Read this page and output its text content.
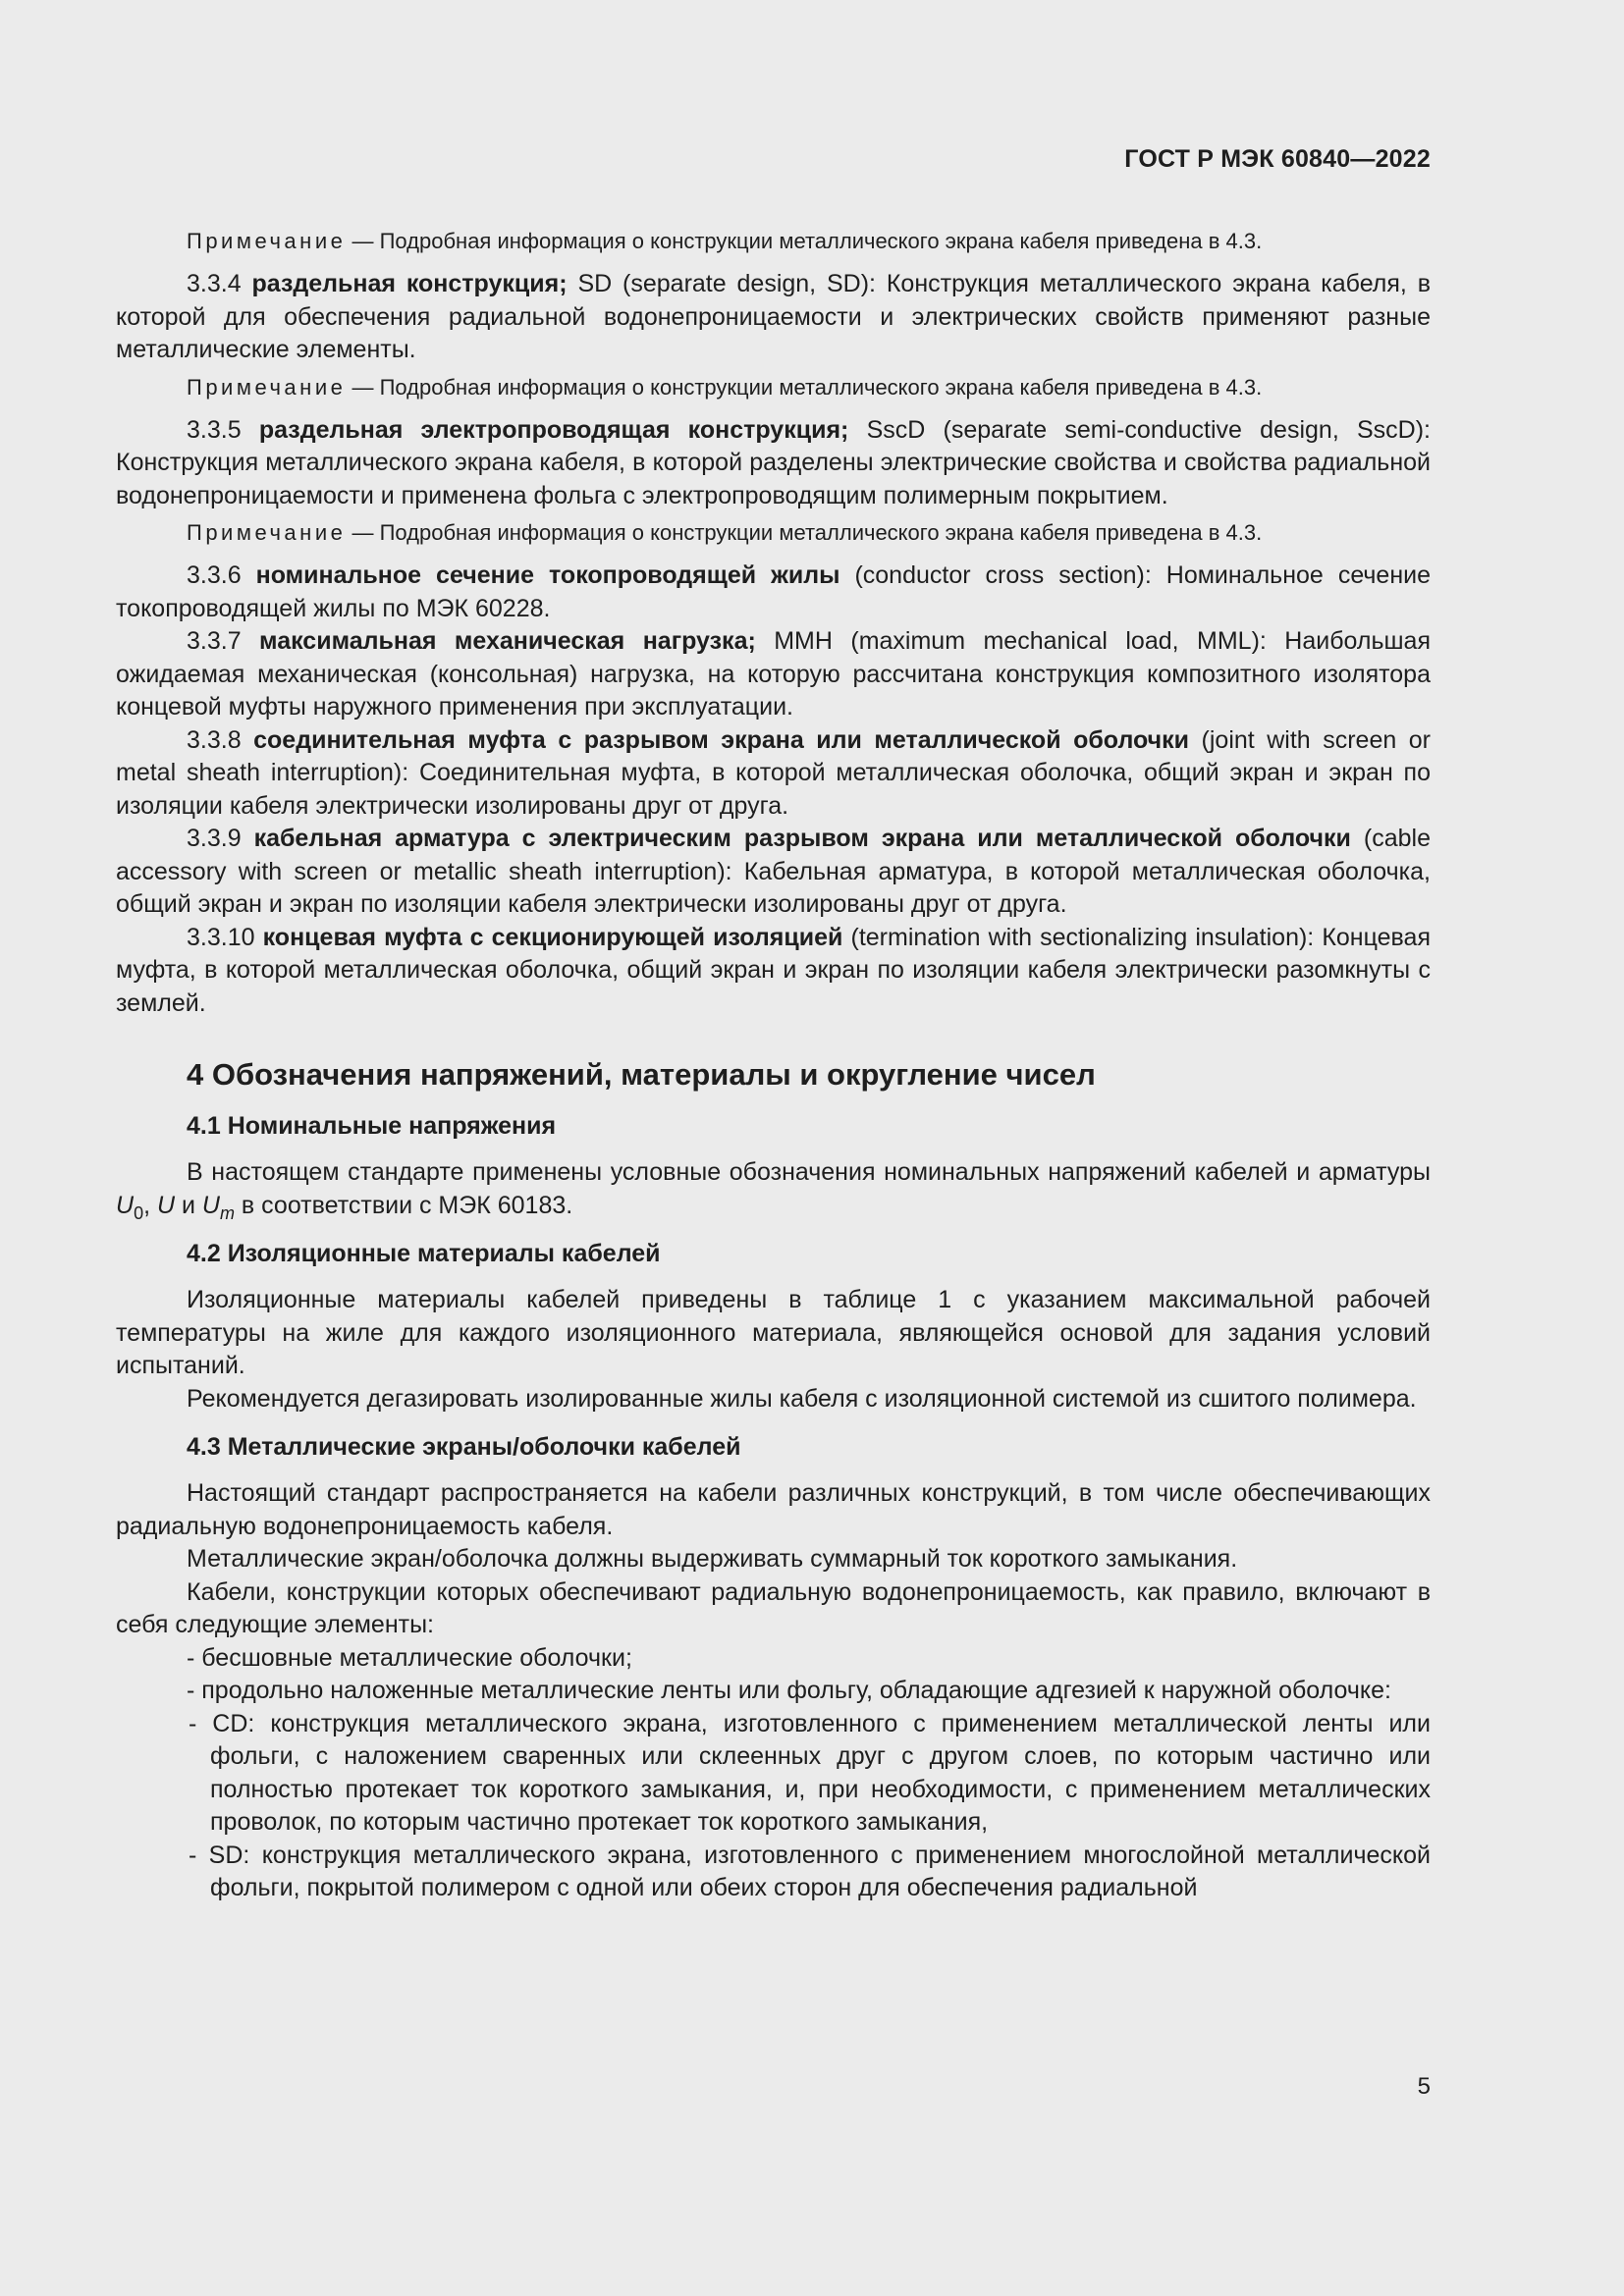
ГОСТ Р МЭК 60840—2022

Примечание — Подробная информация о конструкции металлического экрана кабеля приведена в 4.3.

3.3.4 раздельная конструкция; SD (separate design, SD): Конструкция металлического экрана кабеля, в которой для обеспечения радиальной водонепроницаемости и электрических свойств применяют разные металлические элементы.

Примечание — Подробная информация о конструкции металлического экрана кабеля приведена в 4.3.

3.3.5 раздельная электропроводящая конструкция; SscD (separate semi-conductive design, SscD): Конструкция металлического экрана кабеля, в которой разделены электрические свойства и свойства радиальной водонепроницаемости и применена фольга с электропроводящим полимерным покрытием.

Примечание — Подробная информация о конструкции металлического экрана кабеля приведена в 4.3.

3.3.6 номинальное сечение токопроводящей жилы (conductor cross section): Номинальное сечение токопроводящей жилы по МЭК 60228.

3.3.7 максимальная механическая нагрузка; ММН (maximum mechanical load, MML): Наибольшая ожидаемая механическая (консольная) нагрузка, на которую рассчитана конструкция композитного изолятора концевой муфты наружного применения при эксплуатации.

3.3.8 соединительная муфта с разрывом экрана или металлической оболочки (joint with screen or metal sheath interruption): Соединительная муфта, в которой металлическая оболочка, общий экран и экран по изоляции кабеля электрически изолированы друг от друга.

3.3.9 кабельная арматура с электрическим разрывом экрана или металлической оболочки (cable accessory with screen or metallic sheath interruption): Кабельная арматура, в которой металлическая оболочка, общий экран и экран по изоляции кабеля электрически изолированы друг от друга.

3.3.10 концевая муфта с секционирующей изоляцией (termination with sectionalizing insulation): Концевая муфта, в которой металлическая оболочка, общий экран и экран по изоляции кабеля электрически разомкнуты с землей.

4 Обозначения напряжений, материалы и округление чисел
4.1 Номинальные напряжения

В настоящем стандарте применены условные обозначения номинальных напряжений кабелей и арматуры $U_0$, U и $U_m$ в соответствии с МЭК 60183.

4.2 Изоляционные материалы кабелей

Изоляционные материалы кабелей приведены в таблице 1 с указанием максимальной рабочей температуры на жиле для каждого изоляционного материала, являющейся основой для задания условий испытаний.

Рекомендуется дегазировать изолированные жилы кабеля с изоляционной системой из сшитого полимера.

4.3 Металлические экраны/оболочки кабелей

Настоящий стандарт распространяется на кабели различных конструкций, в том числе обеспечивающих радиальную водонепроницаемость кабеля.

Металлические экран/оболочка должны выдерживать суммарный ток короткого замыкания.

Кабели, конструкции которых обеспечивают радиальную водонепроницаемость, как правило, включают в себя следующие элементы:

- бесшовные металлические оболочки;

- продольно наложенные металлические ленты или фольгу, обладающие адгезией к наружной оболочке:

- CD: конструкция металлического экрана, изготовленного с применением металлической ленты или фольги, с наложением сваренных или склеенных друг с другом слоев, по которым частично или полностью протекает ток короткого замыкания, и, при необходимости, с применением металлических проволок, по которым частично протекает ток короткого замыкания,

- SD: конструкция металлического экрана, изготовленного с применением многослойной металлической фольги, покрытой полимером с одной или обеих сторон для обеспечения радиальной

5
